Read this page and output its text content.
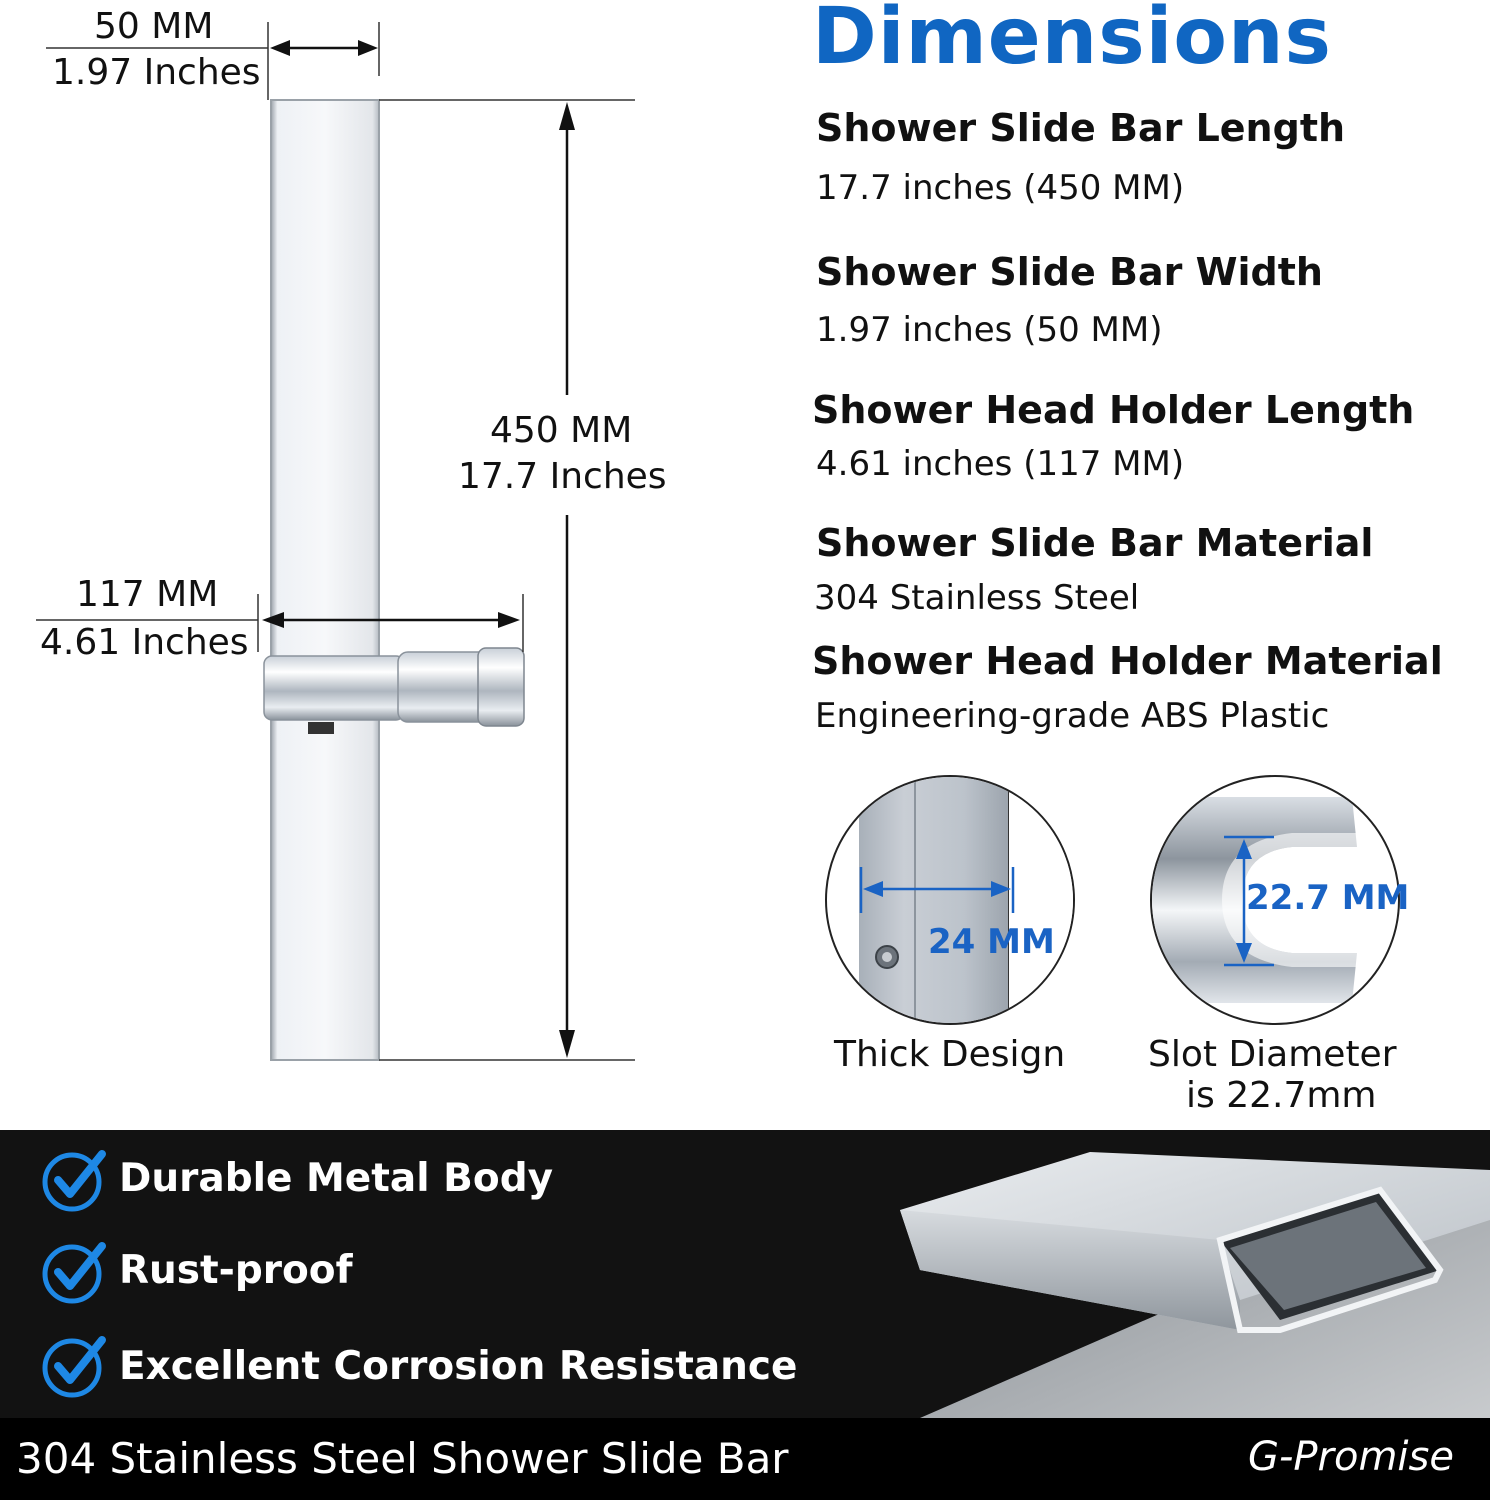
50 MM
1.97 Inches
450 MM
17.7 Inches
117 MM
4.61 Inches
Dimensions
Shower Slide Bar Length
17.7 inches (450 MM)
Shower Slide Bar Width
1.97 inches (50 MM)
Shower Head Holder Length
4.61 inches (117 MM)
Shower Slide Bar Material
304 Stainless Steel
Shower Head Holder Material
Engineering-grade ABS Plastic
24 MM
Thick Design
22.7 MM
Slot Diameter
is 22.7mm
Durable Metal Body
Rust-proof
Excellent Corrosion Resistance
304 Stainless Steel Shower Slide Bar	G-Promise
